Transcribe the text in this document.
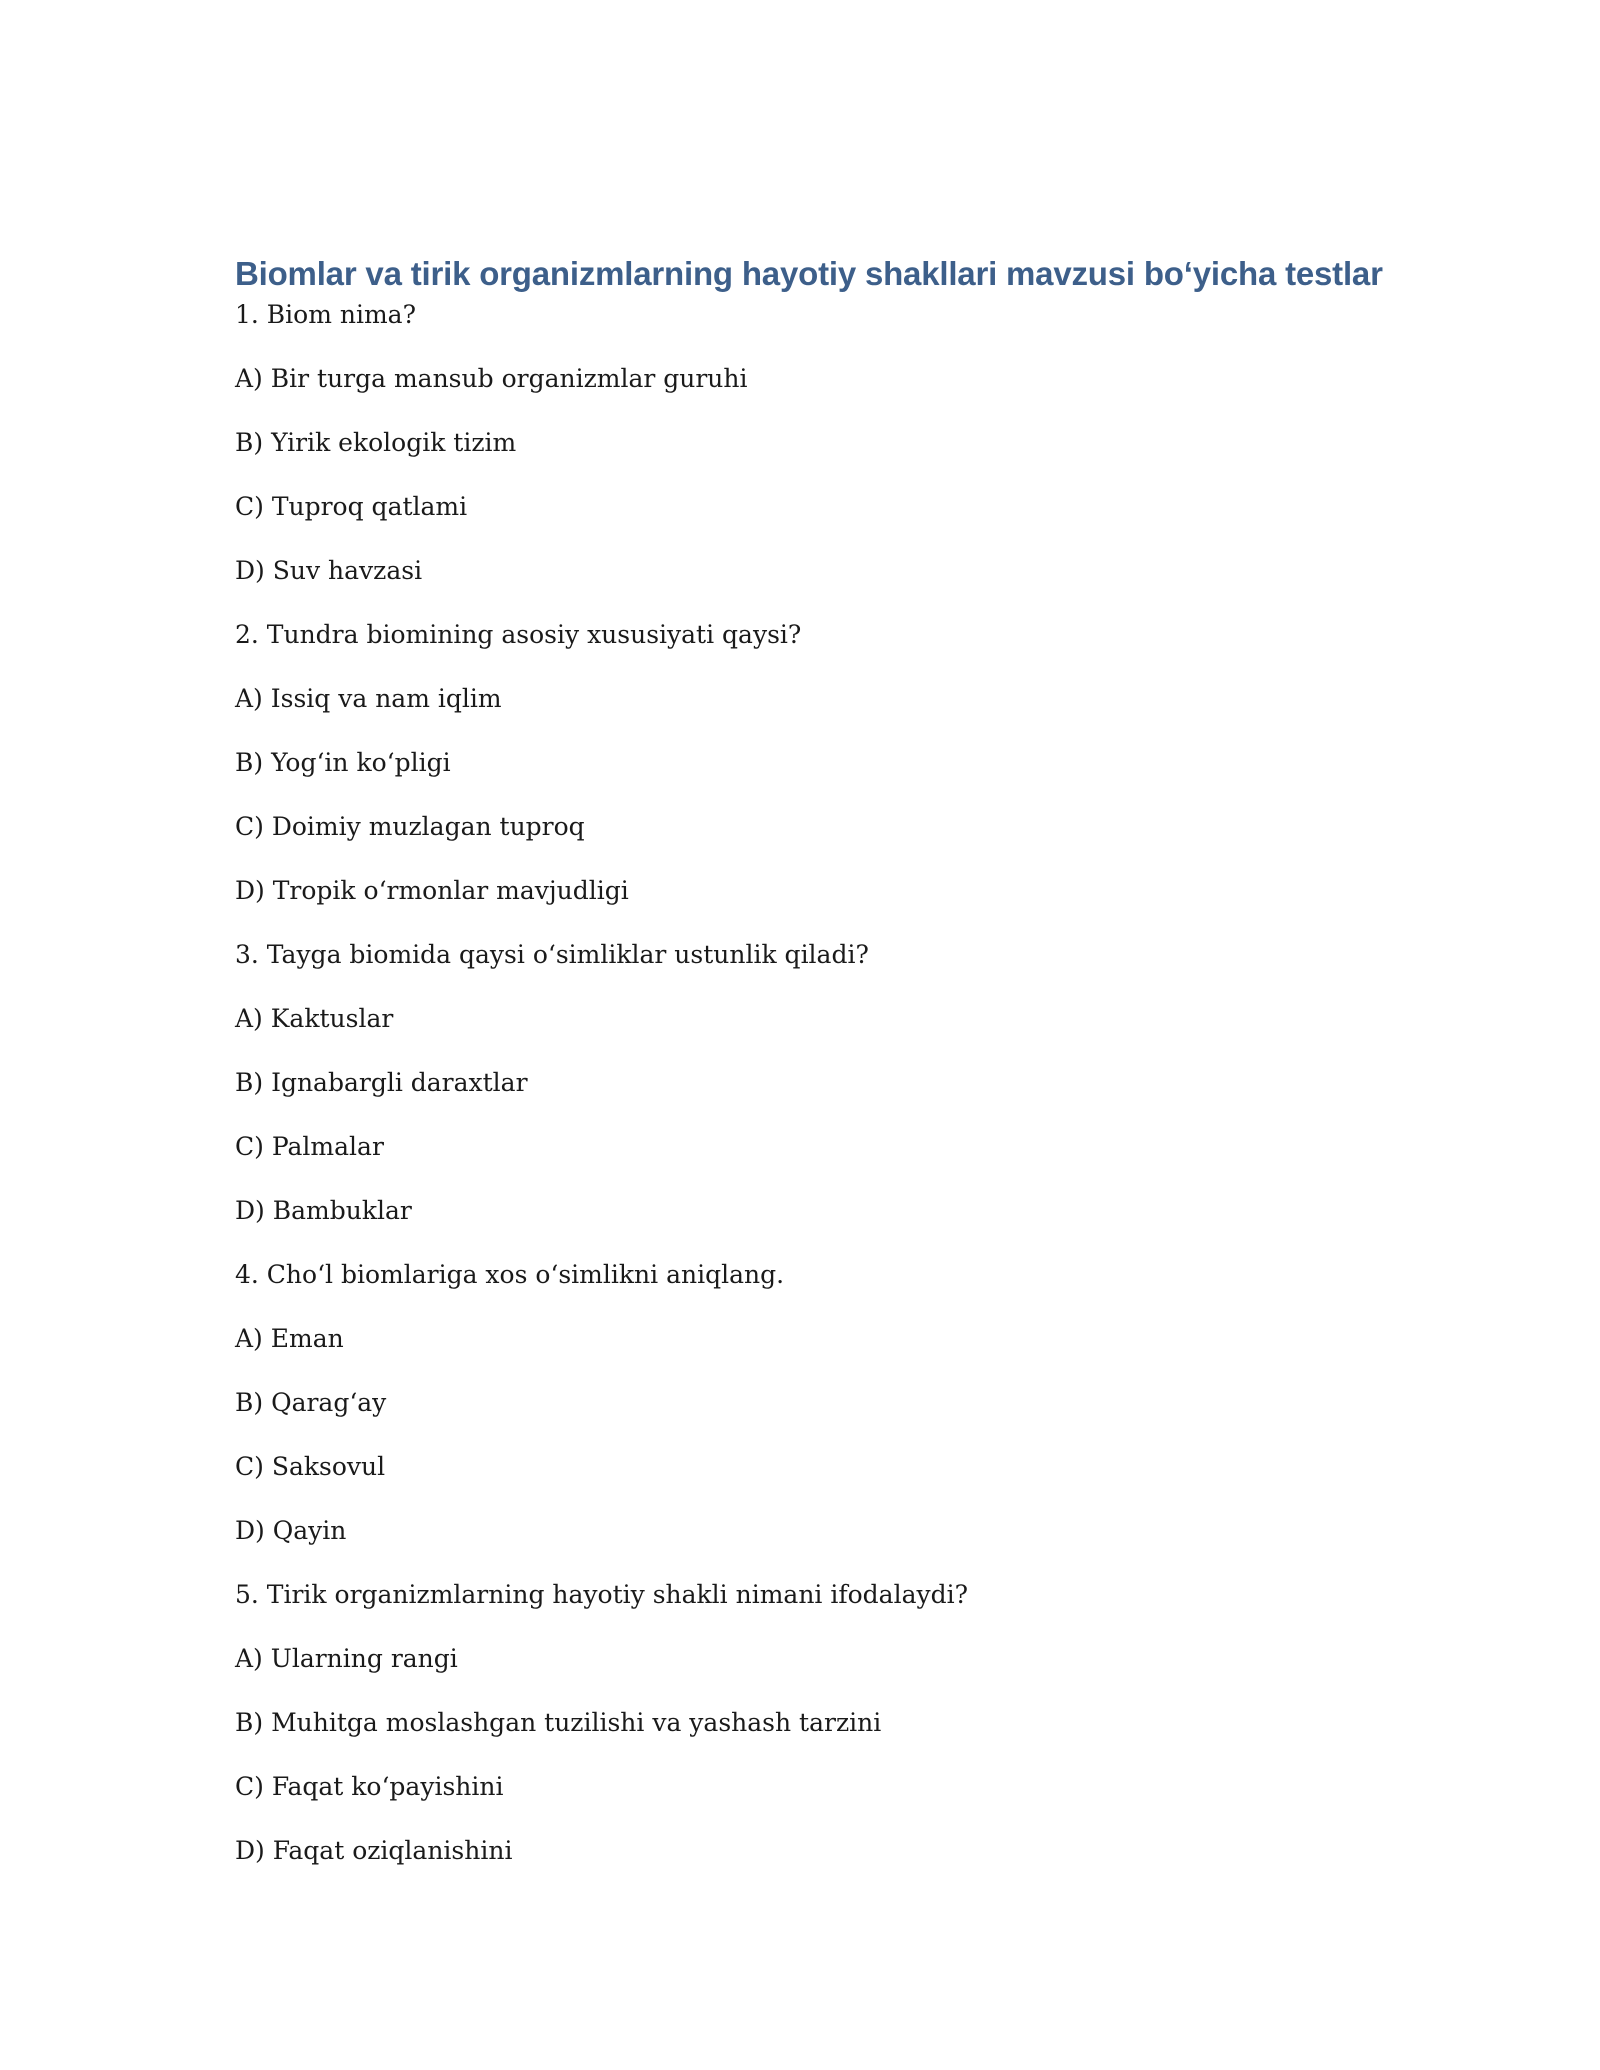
Biomlar va tirik organizmlarning hayotiy shakllari mavzusi bo‘yicha testlar

1. Biom nima?

A) Bir turga mansub organizmlar guruhi

B) Yirik ekologik tizim

C) Tuproq qatlami

D) Suv havzasi

2. Tundra biomining asosiy xususiyati qaysi?

A) Issiq va nam iqlim

B) Yog‘in ko‘pligi

C) Doimiy muzlagan tuproq

D) Tropik o‘rmonlar mavjudligi

3. Tayga biomida qaysi o‘simliklar ustunlik qiladi?

A) Kaktuslar

B) Ignabargli daraxtlar

C) Palmalar

D) Bambuklar

4. Cho‘l biomlariga xos o‘simlikni aniqlang.

A) Eman

B) Qarag‘ay

C) Saksovul

D) Qayin

5. Tirik organizmlarning hayotiy shakli nimani ifodalaydi?

A) Ularning rangi

B) Muhitga moslashgan tuzilishi va yashash tarzini

C) Faqat ko‘payishini

D) Faqat oziqlanishini
